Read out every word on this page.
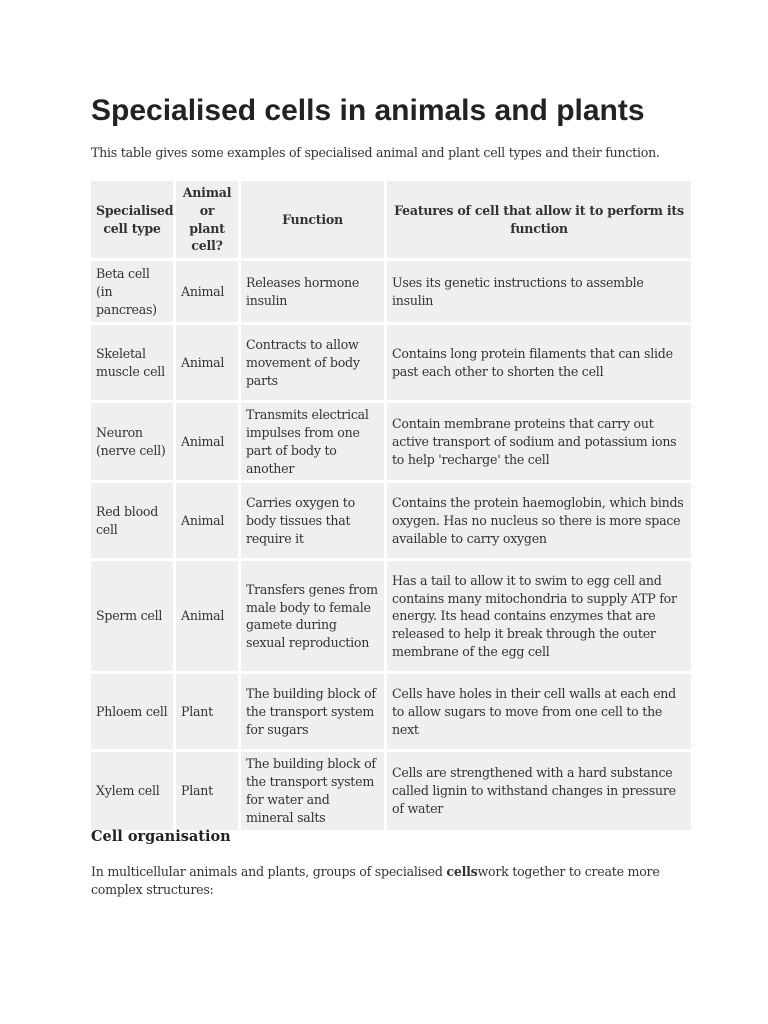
Specialised cells in animals and plants

This table gives some examples of specialised animal and plant cell types and their function.

Specialised cell type	Animal or plant cell?	Function	Features of cell that allow it to perform its function
Beta cell (in pancreas)	Animal	Releases hormone insulin	Uses its genetic instructions to assemble insulin
Skeletal muscle cell	Animal	Contracts to allow movement of body parts	Contains long protein filaments that can slide past each other to shorten the cell
Neuron (nerve cell)	Animal	Transmits electrical impulses from one part of body to another	Contain membrane proteins that carry out active transport of sodium and potassium ions to help 'recharge' the cell
Red blood cell	Animal	Carries oxygen to body tissues that require it	Contains the protein haemoglobin, which binds oxygen. Has no nucleus so there is more space available to carry oxygen
Sperm cell	Animal	Transfers genes from male body to female gamete during sexual reproduction	Has a tail to allow it to swim to egg cell and contains many mitochondria to supply ATP for energy. Its head contains enzymes that are released to help it break through the outer membrane of the egg cell
Phloem cell	Plant	The building block of the transport system for sugars	Cells have holes in their cell walls at each end to allow sugars to move from one cell to the next
Xylem cell	Plant	The building block of the transport system for water and mineral salts	Cells are strengthened with a hard substance called lignin to withstand changes in pressure of water
Cell organisation

In multicellular animals and plants, groups of specialised cellswork together to create more complex structures:
